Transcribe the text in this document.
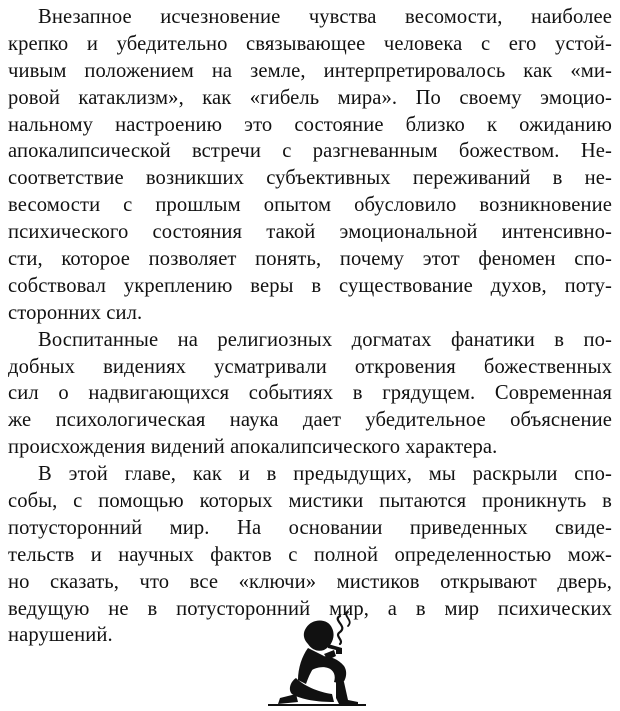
Внезапное исчезновение чувства весомости, наиболее
крепко и убедительно связывающее человека с его устой-
чивым положением на земле, интерпретировалось как «ми-
ровой катаклизм», как «гибель мира». По своему эмоцио-
нальному настроению это состояние близко к ожиданию
апокалипсической встречи с разгневанным божеством. Не-
соответствие возникших субъективных переживаний в не-
весомости с прошлым опытом обусловило возникновение
психического состояния такой эмоциональной интенсивно-
сти, которое позволяет понять, почему этот феномен спо-
собствовал укреплению веры в существование духов, поту-
сторонних сил.
Воспитанные на религиозных догматах фанатики в по-
добных видениях усматривали откровения божественных
сил о надвигающихся событиях в грядущем. Современная
же психологическая наука дает убедительное объяснение
происхождения видений апокалипсического характера.
В этой главе, как и в предыдущих, мы раскрыли спо-
собы, с помощью которых мистики пытаются проникнуть в
потусторонний мир. На основании приведенных свиде-
тельств и научных фактов с полной определенностью мож-
но сказать, что все «ключи» мистиков открывают дверь,
ведущую не в потусторонний мир, а в мир психических
нарушений.
